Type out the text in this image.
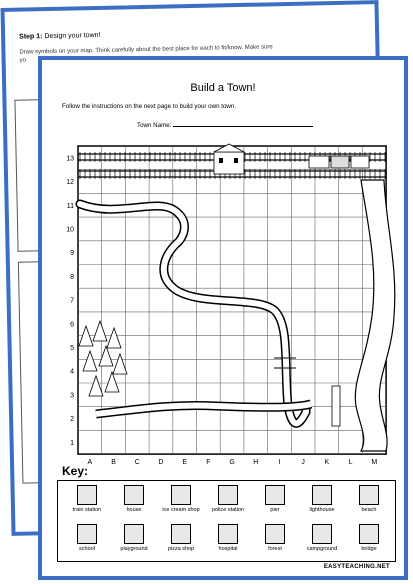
Step 1: Design your town!
Draw symbols on your map. Think carefully about the best place for each to fit/know. Make sure
yo
Build a Town!
Follow the instructions on the next page to build your own town.
Town Name:
13
12
11
10
9
8
7
6
5
4
3
2
1
A	B	C	D	E	F	G	H	I	J	K	L	M
Key:
train station	house	ice cream shop	police station	pier	lighthouse	beach
school	playground	pizza shop	hospital	forest	campground	bridge
EASYTEACHING.NET
